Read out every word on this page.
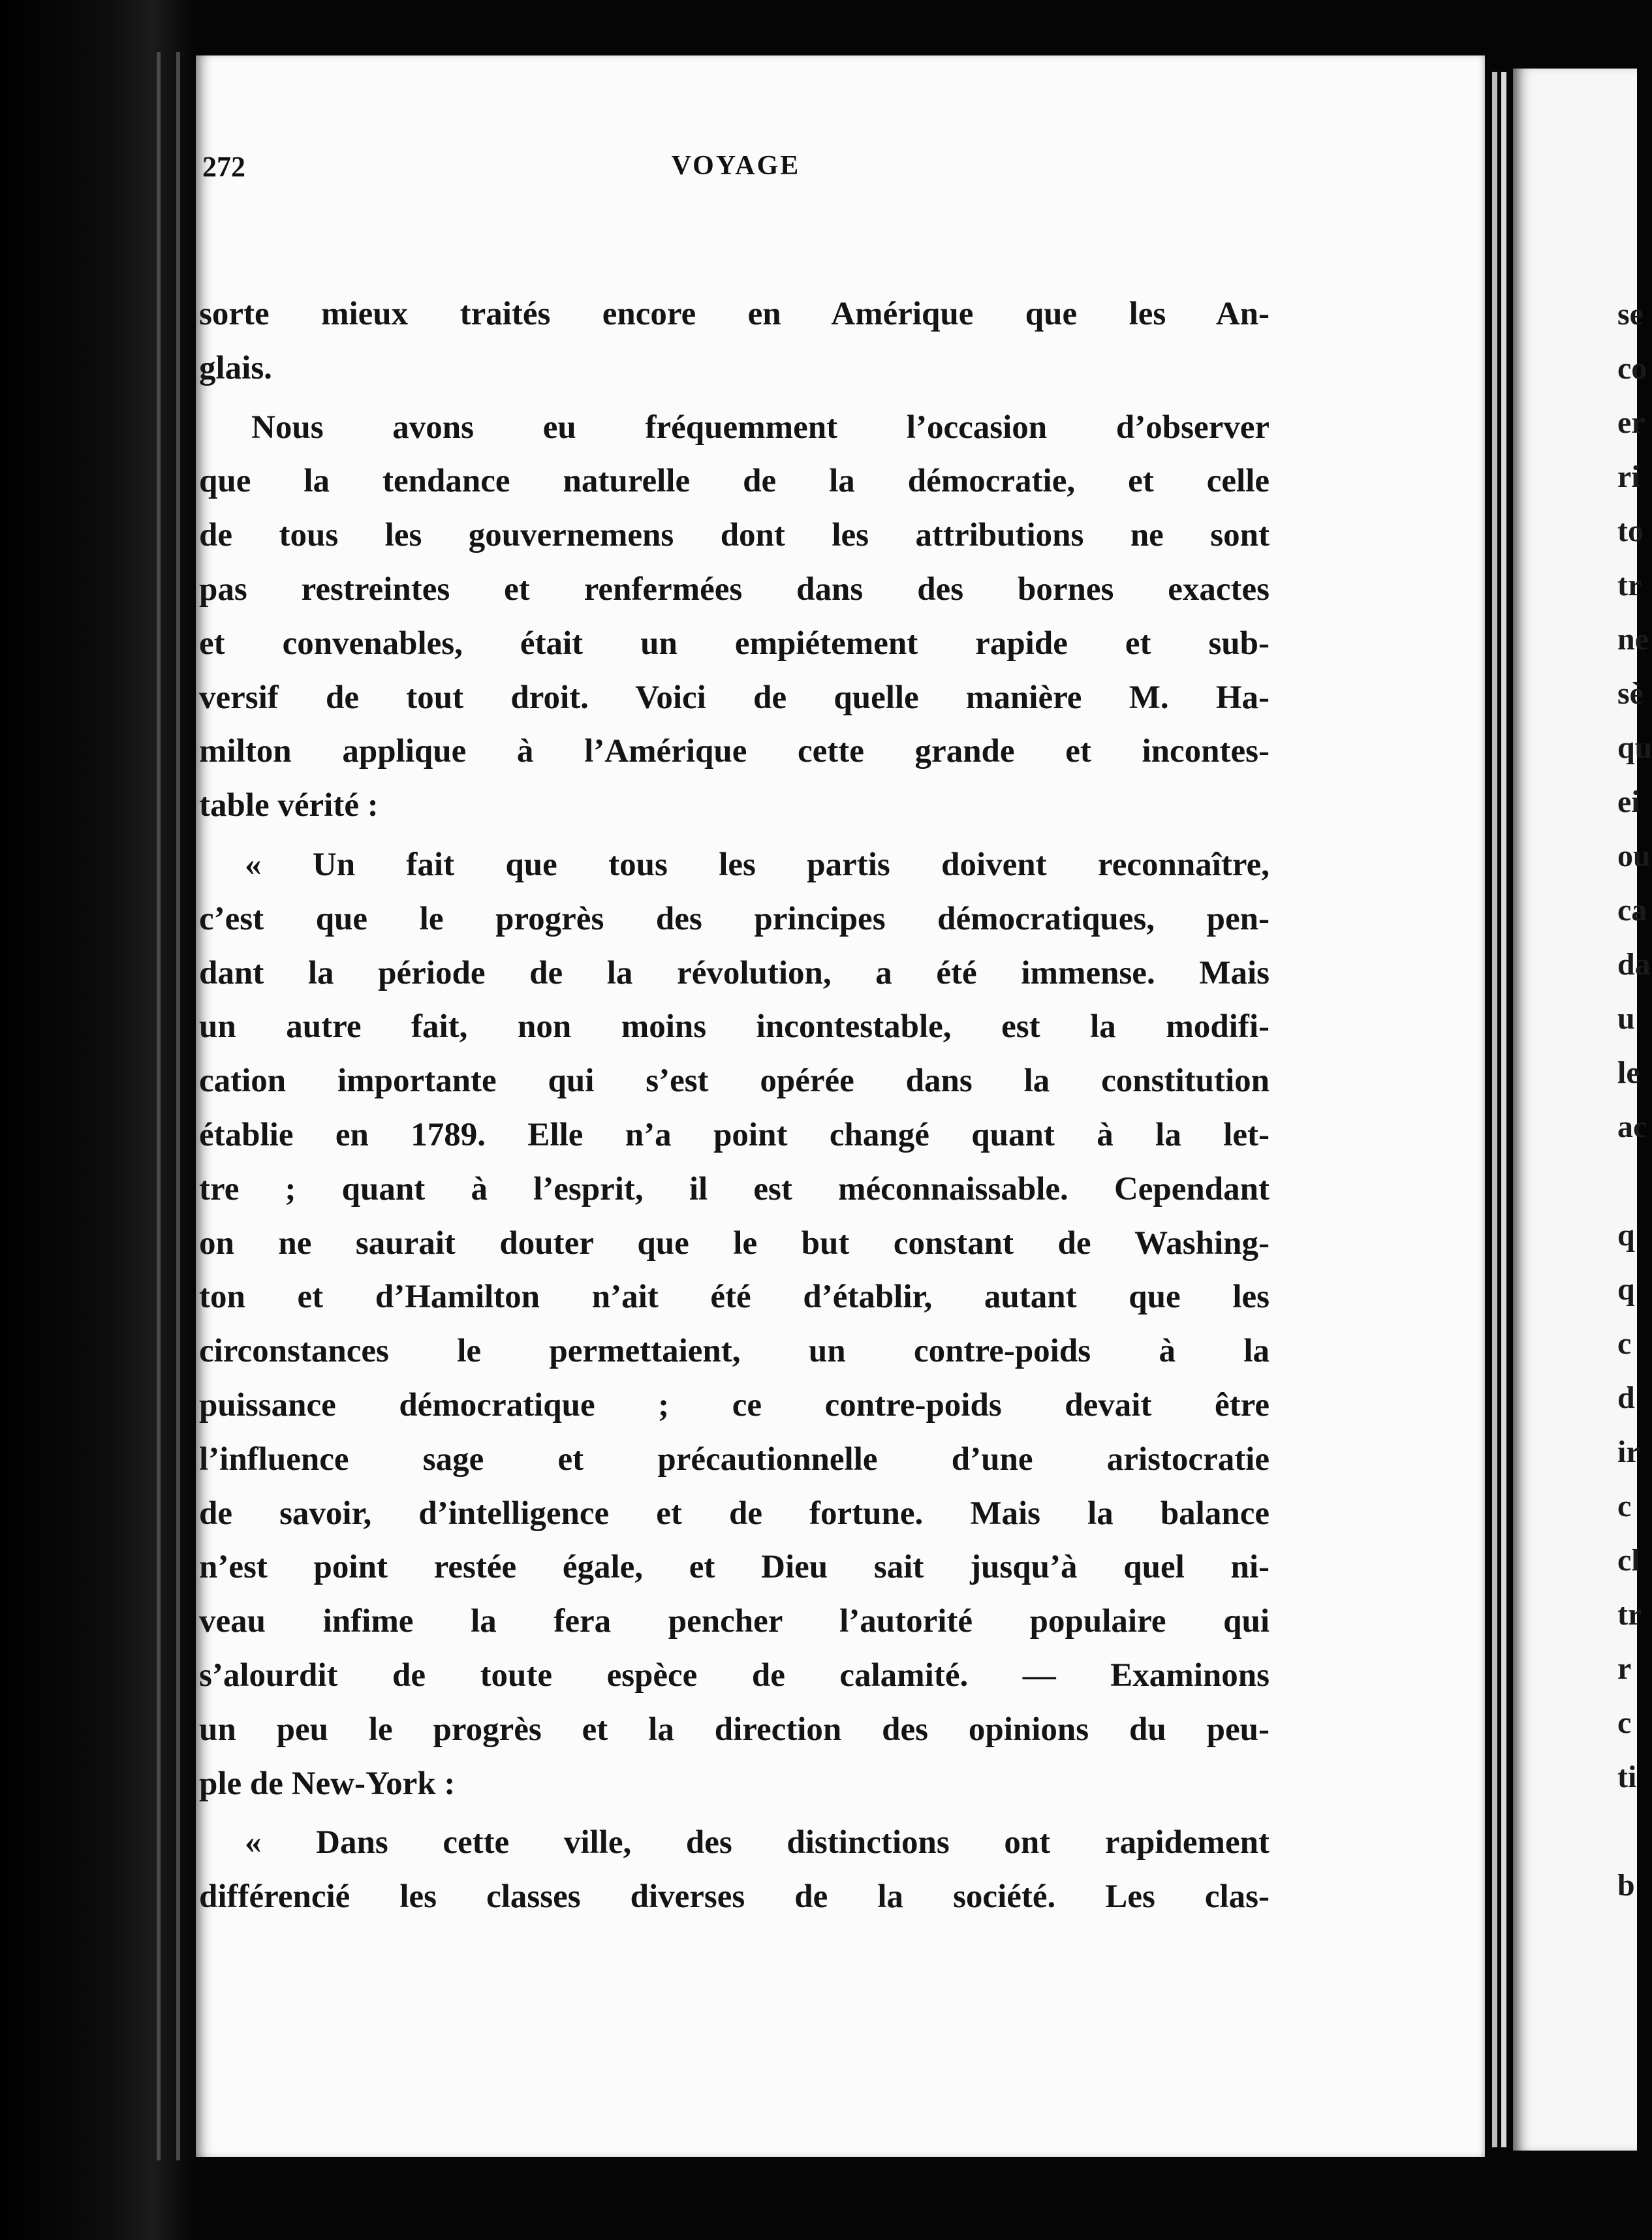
272	VOYAGE
sorte mieux traités encore en Amérique que les An-
glais.
Nous avons eu fréquemment l’occasion d’observer
que la tendance naturelle de la démocratie, et celle
de tous les gouvernemens dont les attributions ne sont
pas restreintes et renfermées dans des bornes exactes
et convenables, était un empiétement rapide et sub-
versif de tout droit. Voici de quelle manière M. Ha-
milton applique à l’Amérique cette grande et incontes-
table vérité :
« Un fait que tous les partis doivent reconnaître,
c’est que le progrès des principes démocratiques, pen-
dant la période de la révolution, a été immense. Mais
un autre fait, non moins incontestable, est la modifi-
cation importante qui s’est opérée dans la constitution
établie en 1789. Elle n’a point changé quant à la let-
tre ; quant à l’esprit, il est méconnaissable. Cependant
on ne saurait douter que le but constant de Washing-
ton et d’Hamilton n’ait été d’établir, autant que les
circonstances le permettaient, un contre-poids à la
puissance démocratique ; ce contre-poids devait être
l’influence sage et précautionnelle d’une aristocratie
de savoir, d’intelligence et de fortune. Mais la balance
n’est point restée égale, et Dieu sait jusqu’à quel ni-
veau infime la fera pencher l’autorité populaire qui
s’alourdit de toute espèce de calamité. — Examinons
un peu le progrès et la direction des opinions du peu-
ple de New-York :
« Dans cette ville, des distinctions ont rapidement
différencié les classes diverses de la société. Les clas-
se
co
er
ri
to
tr
ne
sè
qu
ei
ou
ca
da
u
le
ac
q
q
c
d
ir
c
cl
tr
r
c
ti
b
